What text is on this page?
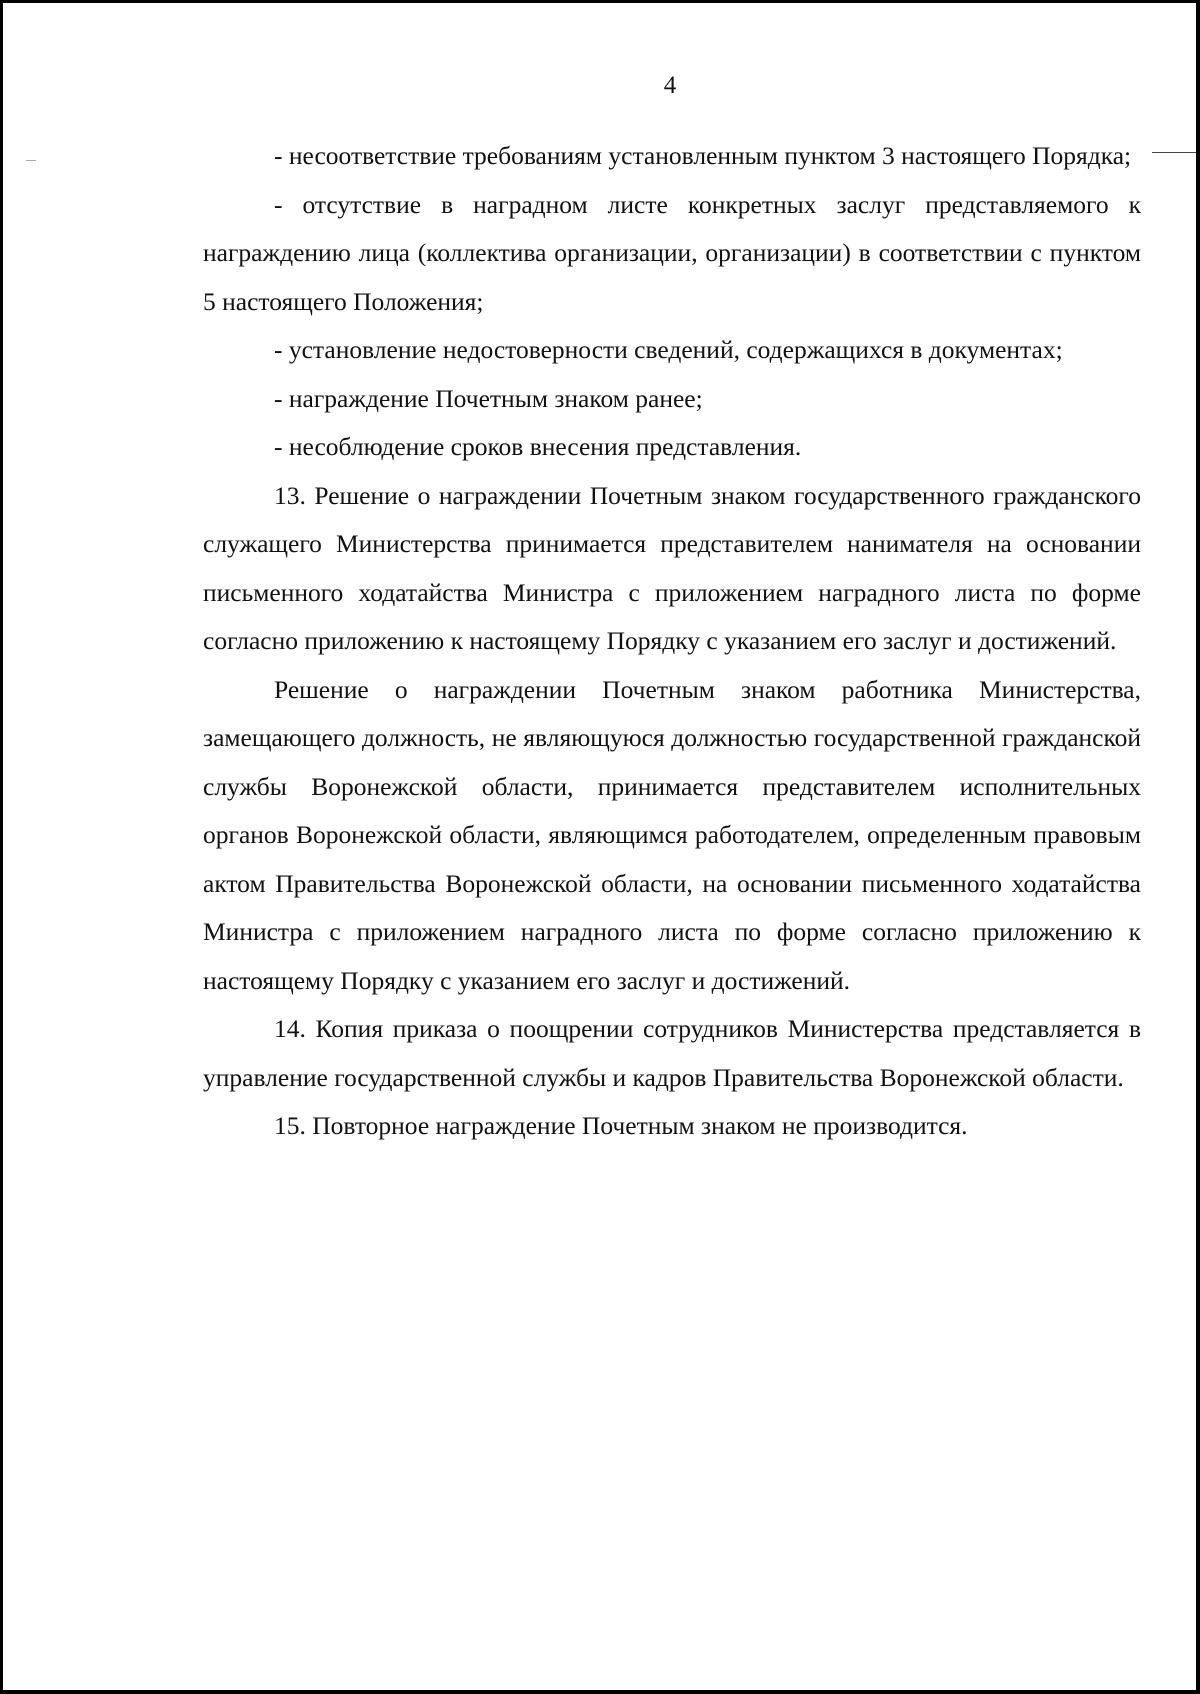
4

- несоответствие требованиям установленным пунктом 3 настоящего Порядка;

- отсутствие в наградном листе конкретных заслуг представляемого к награждению лица (коллектива организации, организации) в соответствии с пунктом 5 настоящего Положения;

- установление недостоверности сведений, содержащихся в документах;

- награждение Почетным знаком ранее;

- несоблюдение сроков внесения представления.

13. Решение о награждении Почетным знаком государственного гражданского служащего Министерства принимается представителем нанимателя на основании письменного ходатайства Министра с приложением наградного листа по форме согласно приложению к настоящему Порядку с указанием его заслуг и достижений.

Решение о награждении Почетным знаком работника Министерства, замещающего должность, не являющуюся должностью государственной гражданской службы Воронежской области, принимается представителем исполнительных органов Воронежской области, являющимся работодателем, определенным правовым актом Правительства Воронежской области, на основании письменного ходатайства Министра с приложением наградного листа по форме согласно приложению к настоящему Порядку с указанием его заслуг и достижений.

14. Копия приказа о поощрении сотрудников Министерства представляется в управление государственной службы и кадров Правительства Воронежской области.

15. Повторное награждение Почетным знаком не производится.
